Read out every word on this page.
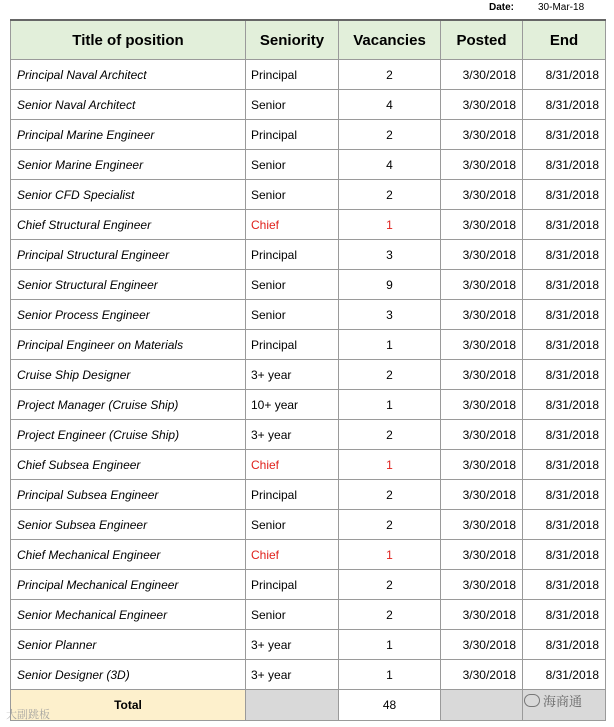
Date: 30-Mar-18
Title of position	Seniority	Vacancies	Posted	End
Principal Naval Architect	Principal	2	3/30/2018	8/31/2018
Senior Naval Architect	Senior	4	3/30/2018	8/31/2018
Principal Marine Engineer	Principal	2	3/30/2018	8/31/2018
Senior Marine Engineer	Senior	4	3/30/2018	8/31/2018
Senior CFD Specialist	Senior	2	3/30/2018	8/31/2018
Chief Structural Engineer	Chief	1	3/30/2018	8/31/2018
Principal Structural Engineer	Principal	3	3/30/2018	8/31/2018
Senior Structural Engineer	Senior	9	3/30/2018	8/31/2018
Senior Process Engineer	Senior	3	3/30/2018	8/31/2018
Principal Engineer on Materials	Principal	1	3/30/2018	8/31/2018
Cruise Ship Designer	3+ year	2	3/30/2018	8/31/2018
Project Manager (Cruise Ship)	10+ year	1	3/30/2018	8/31/2018
Project Engineer (Cruise Ship)	3+ year	2	3/30/2018	8/31/2018
Chief Subsea Engineer	Chief	1	3/30/2018	8/31/2018
Principal Subsea Engineer	Principal	2	3/30/2018	8/31/2018
Senior Subsea Engineer	Senior	2	3/30/2018	8/31/2018
Chief Mechanical Engineer	Chief	1	3/30/2018	8/31/2018
Principal Mechanical Engineer	Principal	2	3/30/2018	8/31/2018
Senior Mechanical Engineer	Senior	2	3/30/2018	8/31/2018
Senior Planner	3+ year	1	3/30/2018	8/31/2018
Senior Designer (3D)	3+ year	1	3/30/2018	8/31/2018
Total		48		
大副跳板
海商通
